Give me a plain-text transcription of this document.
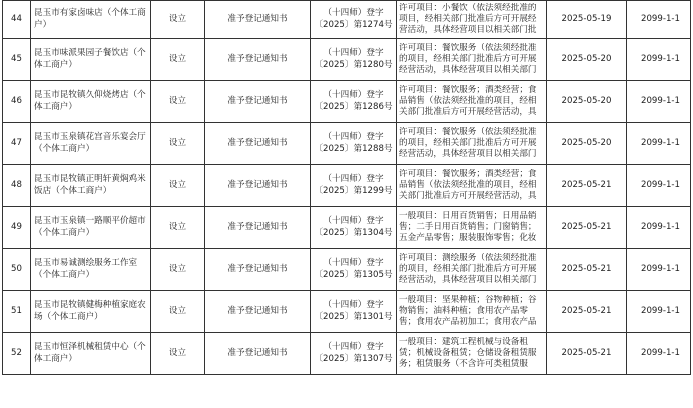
44	昆玉市有家卤味店（个体工商户）	设立	准予登记通知书	（十四师）登字〔2025〕第1274号	许可项目：小餐饮（依法须经批准的项目，经相关部门批准后方可开展经营活动，具体经营项目以相关部门批	2025-05-19	2099-1-1
45	昆玉市味派果园子餐饮店（个体工商户）	设立	准予登记通知书	（十四师）登字〔2025〕第1280号	许可项目：餐饮服务（依法须经批准的项目，经相关部门批准后方可开展经营活动，具体经营项目以相关部门	2025-05-20	2099-1-1
46	昆玉市昆牧镇久仰烧烤店（个体工商户）	设立	准予登记通知书	（十四师）登字〔2025〕第1286号	许可项目：餐饮服务；酒类经营；食品销售（依法须经批准的项目，经相关部门批准后方可开展经营活动，具	2025-05-20	2099-1-1
47	昆玉市玉泉镇花宫音乐宴会厅（个体工商户）	设立	准予登记通知书	（十四师）登字〔2025〕第1288号	许可项目：餐饮服务（依法须经批准的项目，经相关部门批准后方可开展经营活动，具体经营项目以相关部门	2025-05-20	2099-1-1
48	昆玉市昆牧镇正明轩黄焖鸡米饭店（个体工商户）	设立	准予登记通知书	（十四师）登字〔2025〕第1299号	许可项目：餐饮服务；酒类经营；食品销售（依法须经批准的项目，经相关部门批准后方可开展经营活动，具	2025-05-21	2099-1-1
49	昆玉市玉泉镇一路顺平价超市（个体工商户）	设立	准予登记通知书	（十四师）登字〔2025〕第1304号	一般项目：日用百货销售；日用品销售；二手日用百货销售；门窗销售；五金产品零售；服装服饰零售；化妆	2025-05-21	2099-1-1
50	昆玉市易诚测绘服务工作室（个体工商户）	设立	准予登记通知书	（十四师）登字〔2025〕第1305号	许可项目：测绘服务（依法须经批准的项目，经相关部门批准后方可开展经营活动，具体经营项目以相关部门	2025-05-21	2099-1-1
51	昆玉市昆牧镇健梅种植家庭农场（个体工商户）	设立	准予登记通知书	（十四师）登字〔2025〕第1301号	一般项目：坚果种植；谷物种植；谷物销售；油料种植；食用农产品零售；食用农产品初加工；食用农产品	2025-05-21	2099-1-1
52	昆玉市恒泽机械租赁中心（个体工商户）	设立	准予登记通知书	（十四师）登字〔2025〕第1307号	一般项目：建筑工程机械与设备租赁；机械设备租赁；仓储设备租赁服务；租赁服务（不含许可类租赁服	2025-05-21	2099-1-1
